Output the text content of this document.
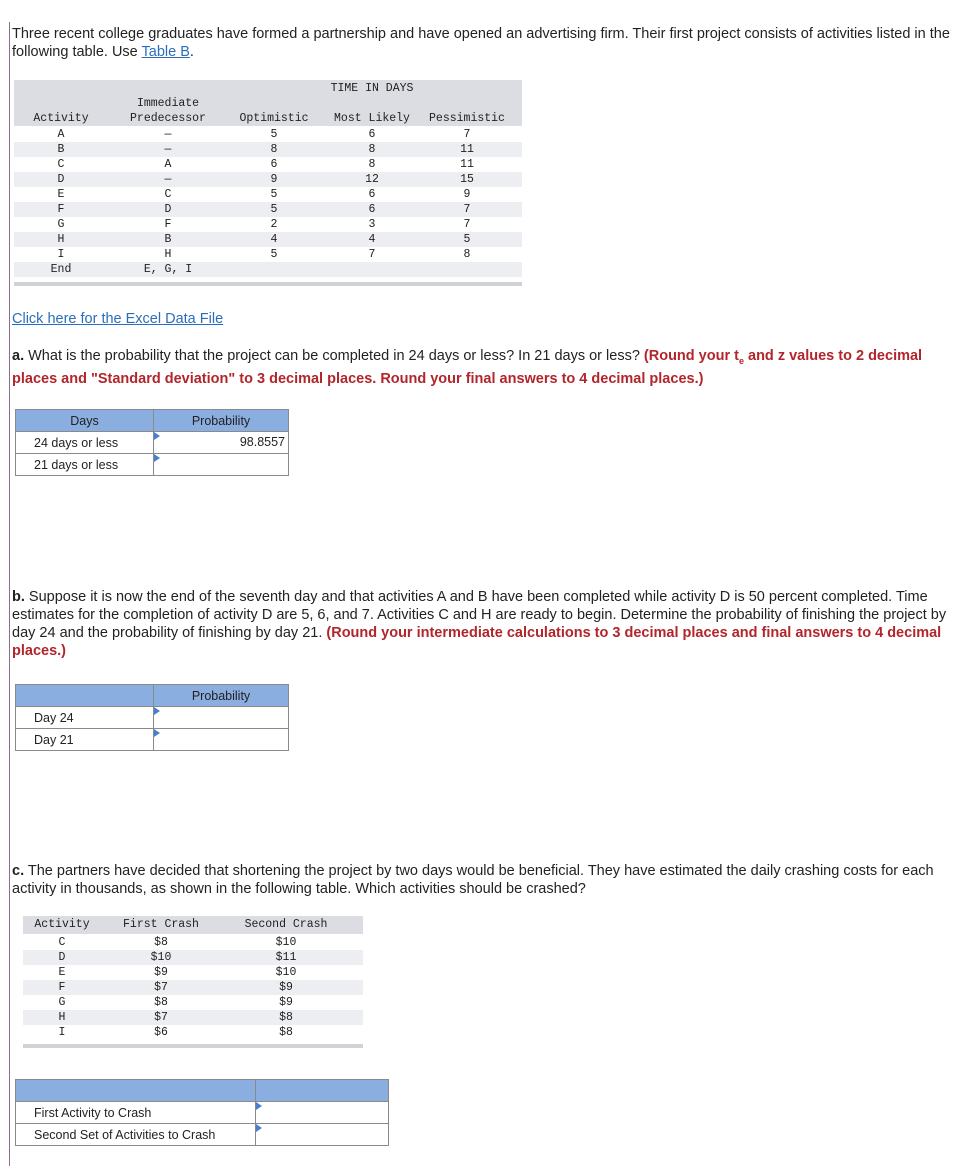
Three recent college graduates have formed a partnership and have opened an advertising firm. Their first project consists of activities listed in the following table. Use Table B.
TIME IN DAYS
Immediate
Activity	Predecessor	Optimistic	Most Likely	Pessimistic
A	—	5	6	7
B	—	8	8	11
C	A	6	8	11
D	—	9	12	15
E	C	5	6	9
F	D	5	6	7
G	F	2	3	7
H	B	4	4	5
I	H	5	7	8
End	E, G, I
Click here for the Excel Data File
a. What is the probability that the project can be completed in 24 days or less? In 21 days or less? (Round your $t_e$ and z values to 2 decimal places and "Standard deviation" to 3 decimal places. Round your final answers to 4 decimal places.)
Days	Probability
24 days or less	98.8557

21 days or less	
b. Suppose it is now the end of the seventh day and that activities A and B have been completed while activity D is 50 percent completed. Time estimates for the completion of activity D are 5, 6, and 7. Activities C and H are ready to begin. Determine the probability of finishing the project by day 24 and the probability of finishing by day 21. (Round your intermediate calculations to 3 decimal places and final answers to 4 decimal places.)
	Probability
Day 24	

Day 21	
c. The partners have decided that shortening the project by two days would be beneficial. They have estimated the daily crashing costs for each activity in thousands, as shown in the following table. Which activities should be crashed?
Activity	First Crash	Second Crash
C	$8	$10
D	$10	$11
E	$9	$10
F	$7	$9
G	$8	$9
H	$7	$8
I	$6	$8

First Activity to Crash	

Second Set of Activities to Crash	
